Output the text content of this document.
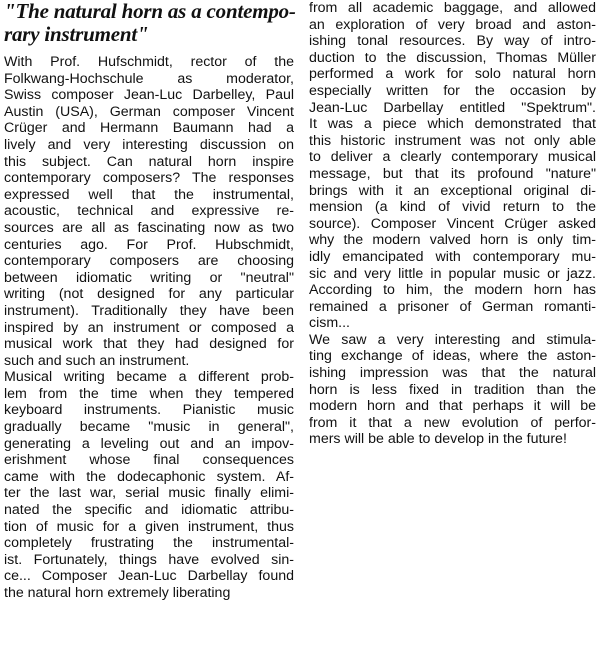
"The natural horn as a contempo-
rary instrument"

With Prof. Hufschmidt, rector of the
Folkwang-Hochschule as moderator,
Swiss composer Jean-Luc Darbelley, Paul
Austin (USA), German composer Vincent
Crüger and Hermann Baumann had a
lively and very interesting discussion on
this subject. Can natural horn inspire
contemporary composers? The responses
expressed well that the instrumental,
acoustic, technical and expressive re-
sources are all as fascinating now as two
centuries ago. For Prof. Hubschmidt,
contemporary composers are choosing
between idiomatic writing or "neutral"
writing (not designed for any particular
instrument). Traditionally they have been
inspired by an instrument or composed a
musical work that they had designed for
such and such an instrument.

Musical writing became a different prob-
lem from the time when they tempered
keyboard instruments. Pianistic music
gradually became "music in general",
generating a leveling out and an impov-
erishment whose final consequences
came with the dodecaphonic system. Af-
ter the last war, serial music finally elimi-
nated the specific and idiomatic attribu-
tion of music for a given instrument, thus
completely frustrating the instrumental-
ist. Fortunately, things have evolved sin-
ce... Composer Jean-Luc Darbellay found
the natural horn extremely liberating

from all academic baggage, and allowed
an exploration of very broad and aston-
ishing tonal resources. By way of intro-
duction to the discussion, Thomas Müller
performed a work for solo natural horn
especially written for the occasion by
Jean-Luc Darbellay entitled "Spektrum".
It was a piece which demonstrated that
this historic instrument was not only able
to deliver a clearly contemporary musical
message, but that its profound "nature"
brings with it an exceptional original di-
mension (a kind of vivid return to the
source). Composer Vincent Crüger asked
why the modern valved horn is only tim-
idly emancipated with contemporary mu-
sic and very little in popular music or jazz.
According to him, the modern horn has
remained a prisoner of German romanti-
cism...

We saw a very interesting and stimula-
ting exchange of ideas, where the aston-
ishing impression was that the natural
horn is less fixed in tradition than the
modern horn and that perhaps it will be
from it that a new evolution of perfor-
mers will be able to develop in the future!
